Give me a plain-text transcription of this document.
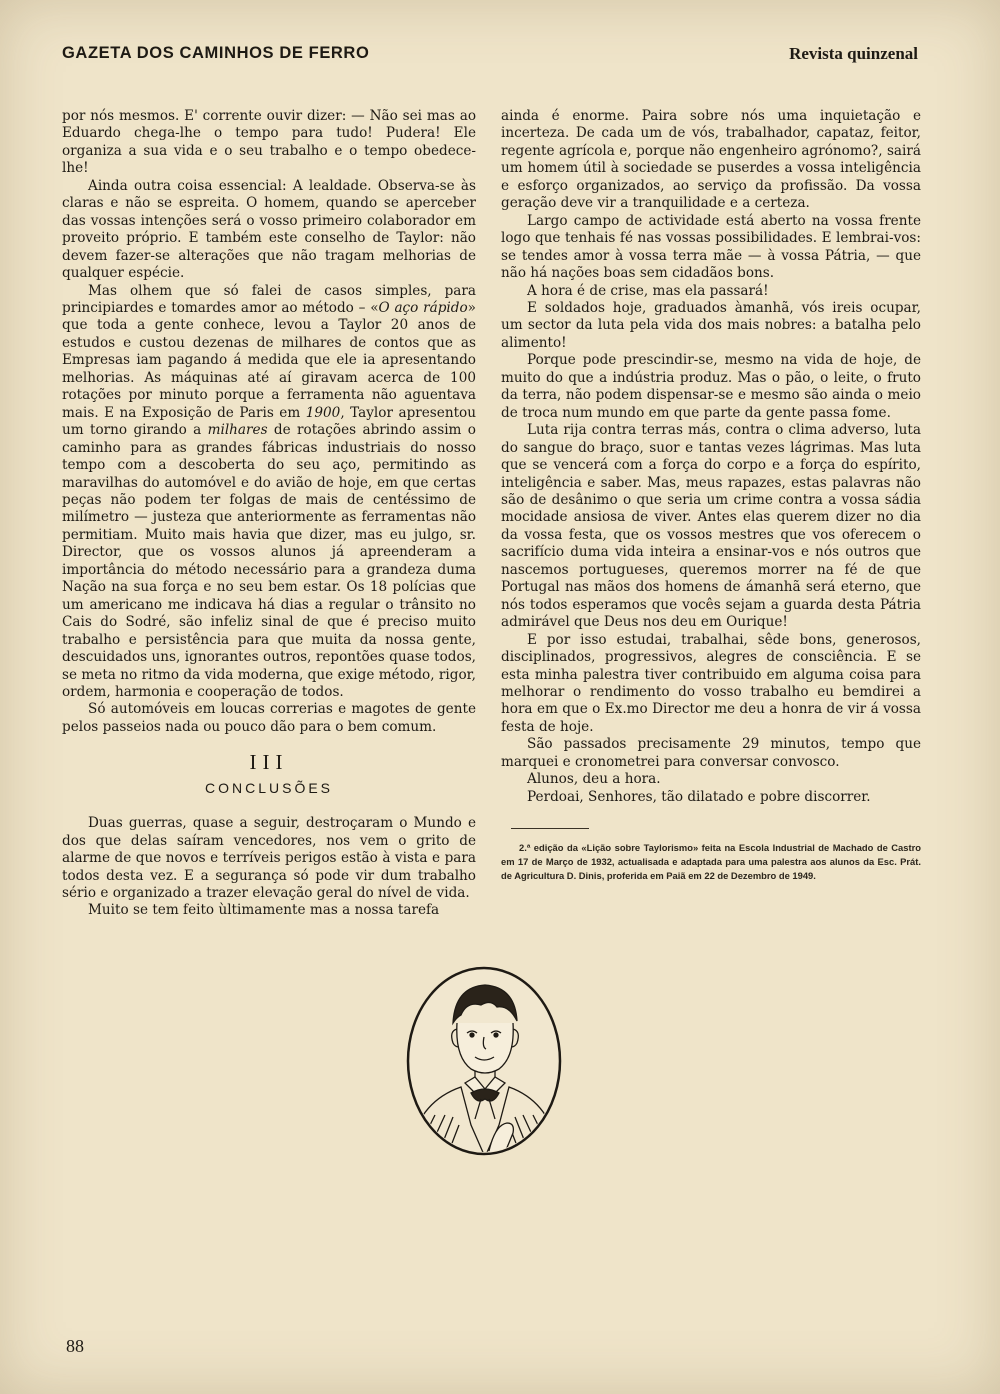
GAZETA DOS CAMINHOS DE FERRO	Revista quinzenal

por nós mesmos. E' corrente ouvir dizer: — Não sei mas ao Eduardo chega-lhe o tempo para tudo! Pudera! Ele organiza a sua vida e o seu trabalho e o tempo obedece-lhe!

Ainda outra coisa essencial: A lealdade. Observa-se às claras e não se espreita. O homem, quando se aperceber das vossas intenções será o vosso primeiro colaborador em proveito próprio. E também este conselho de Taylor: não devem fazer-se alterações que não tragam melhorias de qualquer espécie.

Mas olhem que só falei de casos simples, para principiardes e tomardes amor ao método – «O aço rápido» que toda a gente conhece, levou a Taylor 20 anos de estudos e custou dezenas de milhares de contos que as Empresas iam pagando á medida que ele ia apresentando melhorias. As máquinas até aí giravam acerca de 100 rotações por minuto porque a ferramenta não aguentava mais. E na Exposição de Paris em 1900, Taylor apresentou um torno girando a milhares de rotações abrindo assim o caminho para as grandes fábricas industriais do nosso tempo com a descoberta do seu aço, permitindo as maravilhas do automóvel e do avião de hoje, em que certas peças não podem ter folgas de mais de centéssimo de milímetro — justeza que anteriormente as ferramentas não permitiam. Muito mais havia que dizer, mas eu julgo, sr. Director, que os vossos alunos já apreenderam a importância do método necessário para a grandeza duma Nação na sua força e no seu bem estar. Os 18 polícias que um americano me indicava há dias a regular o trânsito no Cais do Sodré, são infeliz sinal de que é preciso muito trabalho e persistência para que muita da nossa gente, descuidados uns, ignorantes outros, repontões quase todos, se meta no ritmo da vida moderna, que exige método, rigor, ordem, harmonia e cooperação de todos.

Só automóveis em loucas correrias e magotes de gente pelos passeios nada ou pouco dão para o bem comum.

III
CONCLUSÕES

Duas guerras, quase a seguir, destroçaram o Mundo e dos que delas saíram vencedores, nos vem o grito de alarme de que novos e terríveis perigos estão à vista e para todos desta vez. E a segurança só pode vir dum trabalho sério e organizado a trazer elevação geral do nível de vida.

Muito se tem feito ùltimamente mas a nossa tarefa

ainda é enorme. Paira sobre nós uma inquietação e incerteza. De cada um de vós, trabalhador, capataz, feitor, regente agrícola e, porque não engenheiro agrónomo?, sairá um homem útil à sociedade se puserdes a vossa inteligência e esforço organizados, ao serviço da profissão. Da vossa geração deve vir a tranquilidade e a certeza.

Largo campo de actividade está aberto na vossa frente logo que tenhais fé nas vossas possibilidades. E lembrai-vos: se tendes amor à vossa terra mãe — à vossa Pátria, — que não há nações boas sem cidadãos bons.

A hora é de crise, mas ela passará!

E soldados hoje, graduados àmanhã, vós ireis ocupar, um sector da luta pela vida dos mais nobres: a batalha pelo alimento!

Porque pode prescindir-se, mesmo na vida de hoje, de muito do que a indústria produz. Mas o pão, o leite, o fruto da terra, não podem dispensar-se e mesmo são ainda o meio de troca num mundo em que parte da gente passa fome.

Luta rija contra terras más, contra o clima adverso, luta do sangue do braço, suor e tantas vezes lágrimas. Mas luta que se vencerá com a força do corpo e a força do espírito, inteligência e saber. Mas, meus rapazes, estas palavras não são de desânimo o que seria um crime contra a vossa sádia mocidade ansiosa de viver. Antes elas querem dizer no dia da vossa festa, que os vossos mestres que vos oferecem o sacrifício duma vida inteira a ensinar-vos e nós outros que nascemos portugueses, queremos morrer na fé de que Portugal nas mãos dos homens de ámanhã será eterno, que nós todos esperamos que vocês sejam a guarda desta Pátria admirável que Deus nos deu em Ourique!

E por isso estudai, trabalhai, sêde bons, generosos, disciplinados, progressivos, alegres de consciência. E se esta minha palestra tiver contribuido em alguma coisa para melhorar o rendimento do vosso trabalho eu bemdirei a hora em que o Ex.mo Director me deu a honra de vir á vossa festa de hoje.

São passados precisamente 29 minutos, tempo que marquei e cronometrei para conversar convosco.

Alunos, deu a hora.

Perdoai, Senhores, tão dilatado e pobre discorrer.

2.ª edição da «Lição sobre Taylorismo» feita na Escola Industrial de Machado de Castro em 17 de Março de 1932, actualisada e adaptada para uma palestra aos alunos da Esc. Prát. de Agricultura D. Dinis, proferida em Paiã em 22 de Dezembro de 1949.
88
